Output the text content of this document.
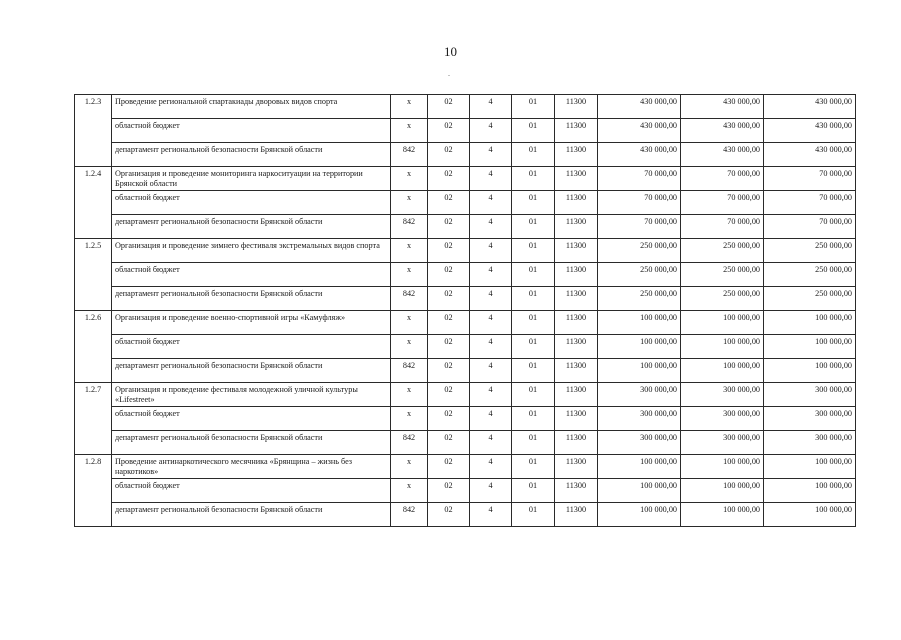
10
.
1.2.3	Проведение региональной спартакиады дворовых видов спорта	х	02	4	01	11300	430 000,00	430 000,00	430 000,00
	областной бюджет	х	02	4	01	11300	430 000,00	430 000,00	430 000,00
	департамент региональной безопасности Брянской области	842	02	4	01	11300	430 000,00	430 000,00	430 000,00
1.2.4	Организация и проведение мониторинга наркоситуации на территории Брянской области	х	02	4	01	11300	70 000,00	70 000,00	70 000,00
	областной бюджет	х	02	4	01	11300	70 000,00	70 000,00	70 000,00
	департамент региональной безопасности Брянской области	842	02	4	01	11300	70 000,00	70 000,00	70 000,00
1.2.5	Организация и проведение зимнего фестиваля экстремальных видов спорта	х	02	4	01	11300	250 000,00	250 000,00	250 000,00
	областной бюджет	х	02	4	01	11300	250 000,00	250 000,00	250 000,00
	департамент региональной безопасности Брянской области	842	02	4	01	11300	250 000,00	250 000,00	250 000,00
1.2.6	Организация и проведение военно-спортивной игры «Камуфляж»	х	02	4	01	11300	100 000,00	100 000,00	100 000,00
	областной бюджет	х	02	4	01	11300	100 000,00	100 000,00	100 000,00
	департамент региональной безопасности Брянской области	842	02	4	01	11300	100 000,00	100 000,00	100 000,00
1.2.7	Организация и проведение фестиваля молодежной уличной культуры «Lifestreet»	х	02	4	01	11300	300 000,00	300 000,00	300 000,00
	областной бюджет	х	02	4	01	11300	300 000,00	300 000,00	300 000,00
	департамент региональной безопасности Брянской области	842	02	4	01	11300	300 000,00	300 000,00	300 000,00
1.2.8	Проведение антинаркотического месячника «Брянщина – жизнь без наркотиков»	х	02	4	01	11300	100 000,00	100 000,00	100 000,00
	областной бюджет	х	02	4	01	11300	100 000,00	100 000,00	100 000,00
	департамент региональной безопасности Брянской области	842	02	4	01	11300	100 000,00	100 000,00	100 000,00
